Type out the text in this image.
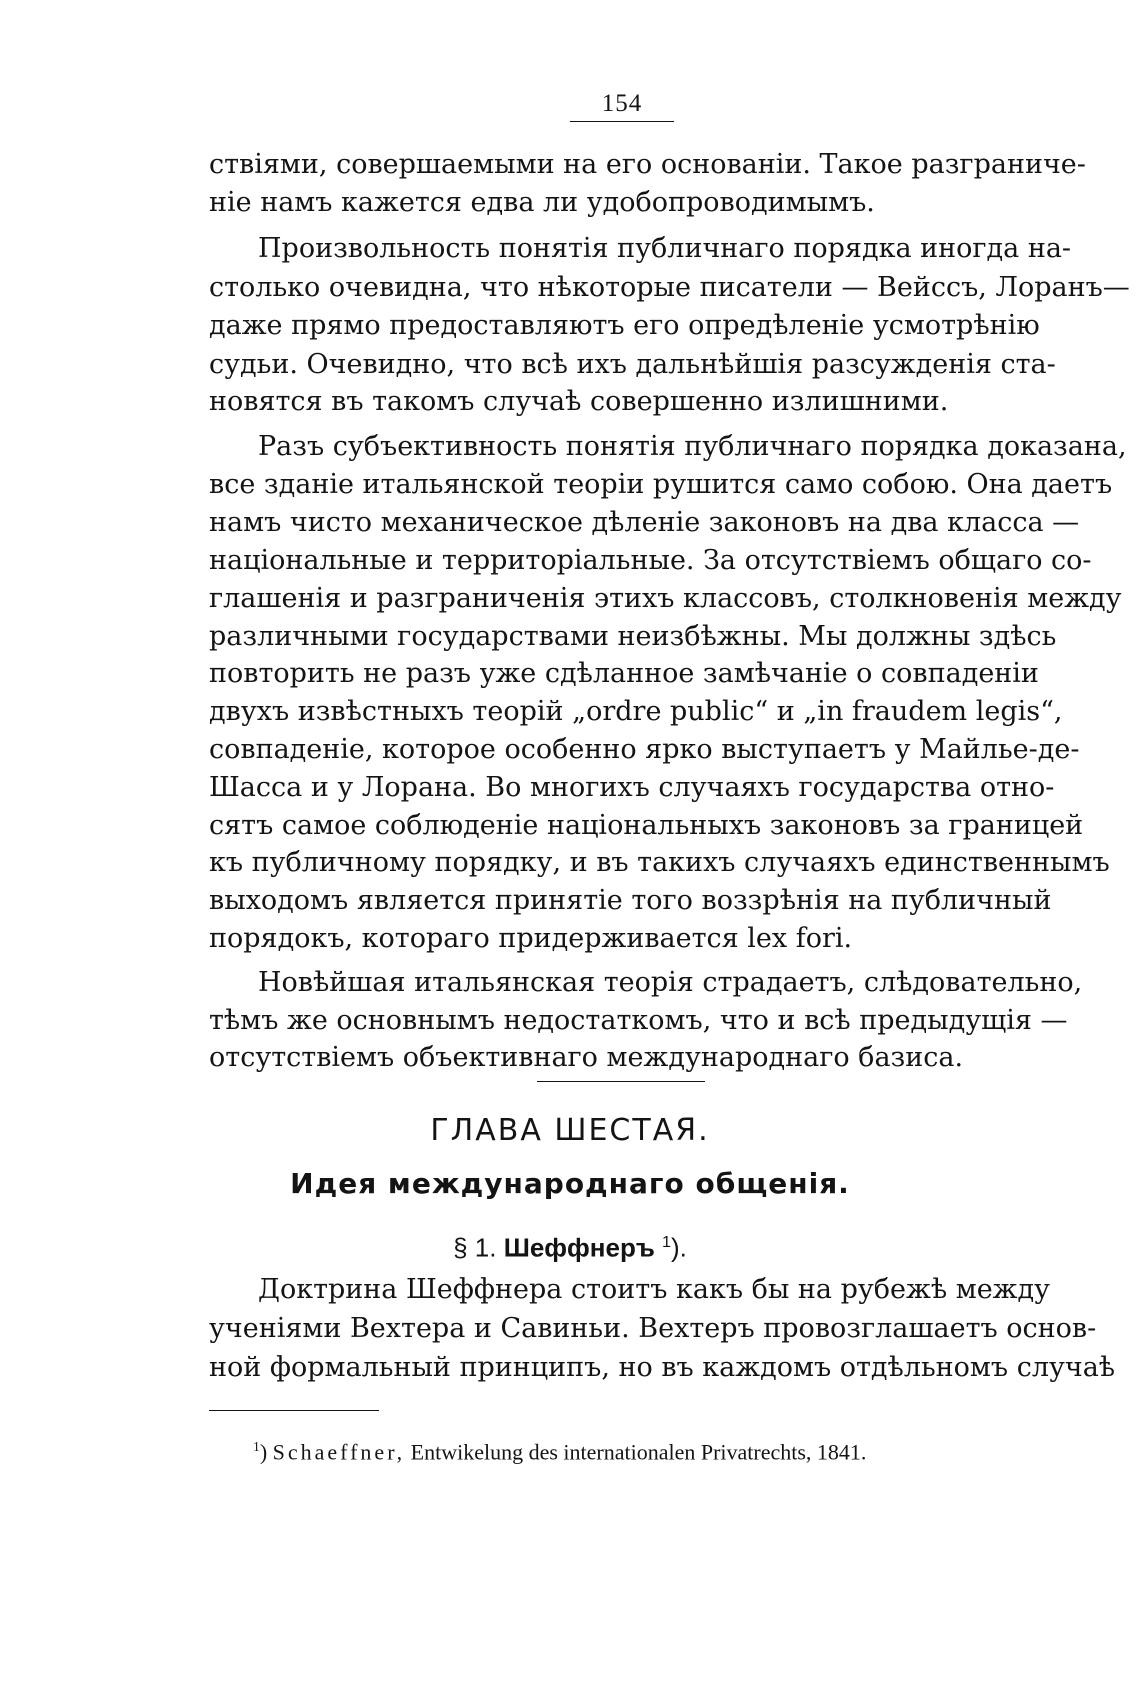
154
ствіями, совершаемыми на его основаніи. Такое разграниче-
ніе намъ кажется едва ли удобопроводимымъ.
Произвольность понятія публичнаго порядка иногда на-
столько очевидна, что нѣкоторые писатели — Вейссъ, Лоранъ—
даже прямо предоставляютъ его опредѣленіе усмотрѣнію
судьи. Очевидно, что всѣ ихъ дальнѣйшія разсужденія ста-
новятся въ такомъ случаѣ совершенно излишними.
Разъ субъективность понятія публичнаго порядка доказана,
все зданіе итальянской теоріи рушится само собою. Она даетъ
намъ чисто механическое дѣленіе законовъ на два класса —
національные и территоріальные. За отсутствіемъ общаго со-
глашенія и разграниченія этихъ классовъ, столкновенія между
различными государствами неизбѣжны. Мы должны здѣсь
повторить не разъ уже сдѣланное замѣчаніе о совпаденіи
двухъ извѣстныхъ теорій „ordre public“ и „in fraudem legis“,
совпаденіе, которое особенно ярко выступаетъ у Майлье-де-
Шасса и у Лорана. Во многихъ случаяхъ государства отно-
сятъ самое соблюденіе національныхъ законовъ за границей
къ публичному порядку, и въ такихъ случаяхъ единственнымъ
выходомъ является принятіе того воззрѣнія на публичный
порядокъ, котораго придерживается lex fori.
Новѣйшая итальянская теорія страдаетъ, слѣдовательно,
тѣмъ же основнымъ недостаткомъ, что и всѣ предыдущія —
отсутствіемъ объективнаго международнаго базиса.
ГЛАВА ШЕСТАЯ.
Идея международнаго общенія.
§ 1. Шеффнеръ $^1$).
Доктрина Шеффнера стоитъ какъ бы на рубежѣ между
ученіями Вехтера и Савиньи. Вехтеръ провозглашаетъ основ-
ной формальный принципъ, но въ каждомъ отдѣльномъ случаѣ
$^1$) Schaeffner, Entwikelung des internationalen Privatrechts, 1841.
